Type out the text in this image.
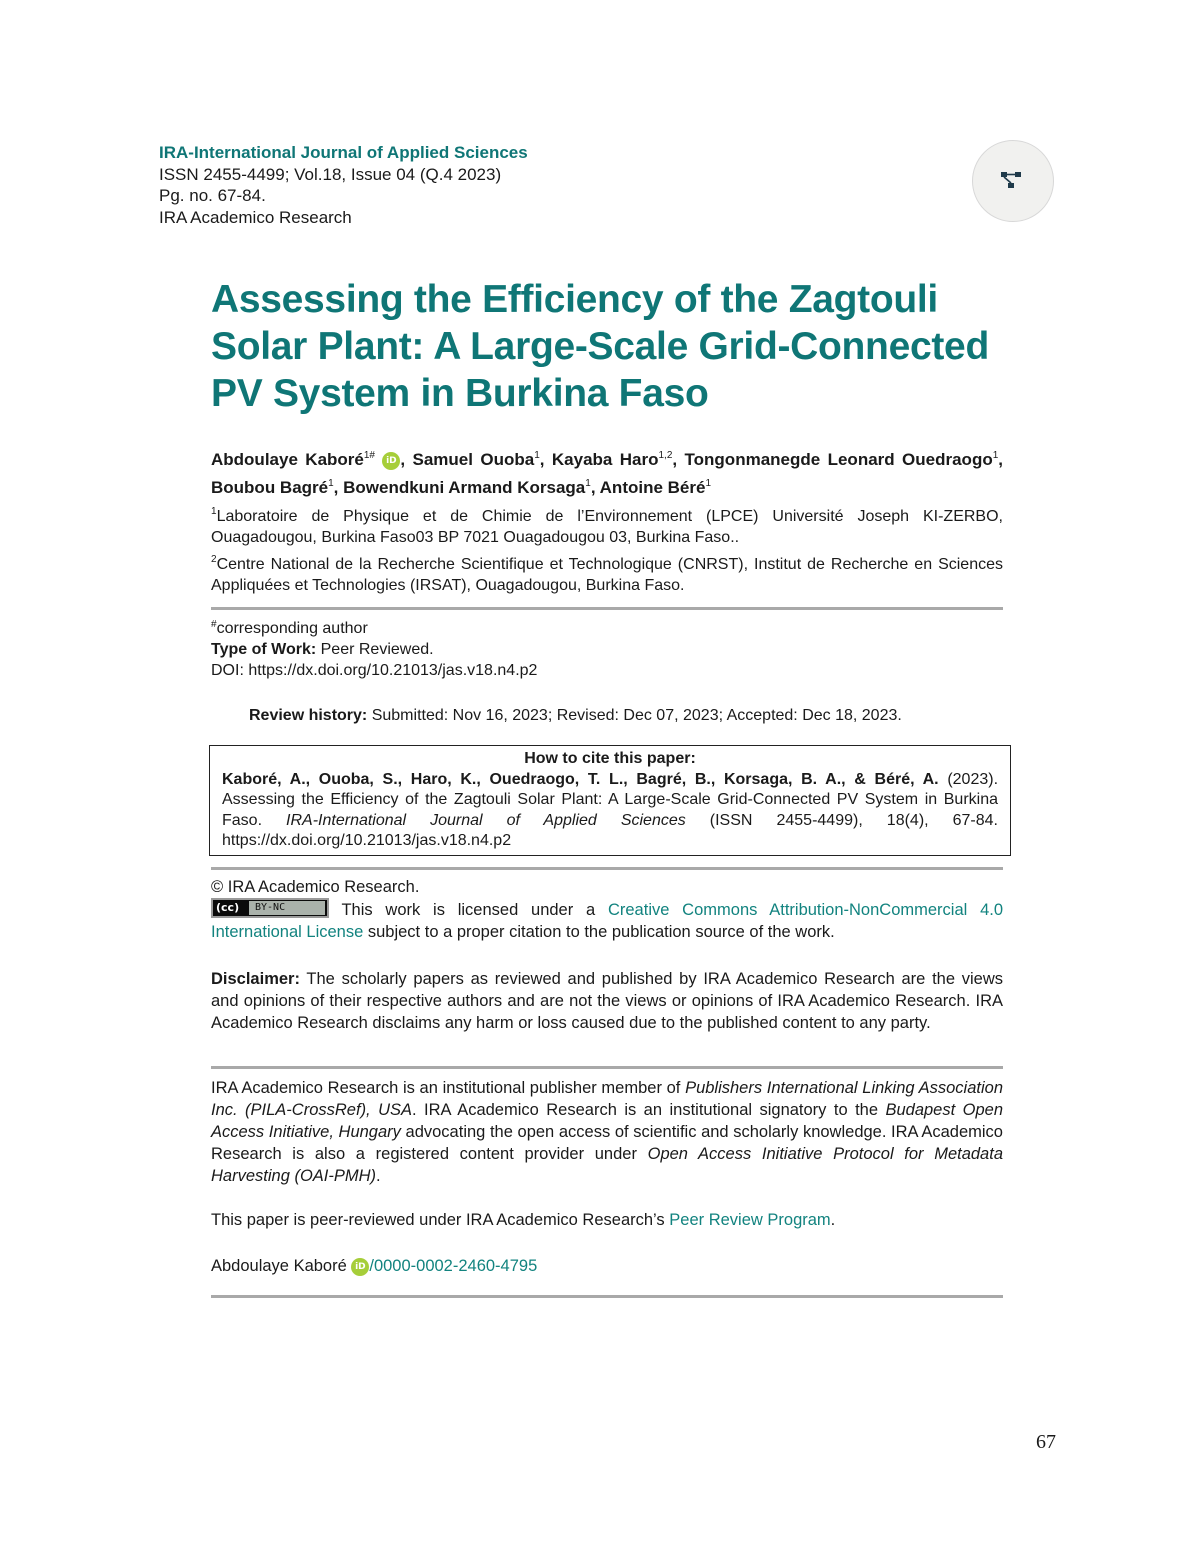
IRA-International Journal of Applied Sciences
ISSN 2455-4499; Vol.18, Issue 04 (Q.4 2023)
Pg. no. 67-84.
IRA Academico Research
Assessing the Efficiency of the Zagtouli Solar Plant: A Large-Scale Grid-Connected PV System in Burkina Faso
Abdoulaye Kaboré$^{1\#}$ iD , Samuel Ouoba$^1$, Kayaba Haro$^{1,2}$, Tongonmanegde Leonard Ouedraogo$^1$, Boubou Bagré$^1$, Bowendkuni Armand Korsaga$^1$, Antoine Béré$^1$
$^1$Laboratoire de Physique et de Chimie de l’Environnement (LPCE) Université Joseph KI-ZERBO, Ouagadougou, Burkina Faso03 BP 7021 Ouagadougou 03, Burkina Faso..
$^2$Centre National de la Recherche Scientifique et Technologique (CNRST), Institut de Recherche en Sciences Appliquées et Technologies (IRSAT), Ouagadougou, Burkina Faso.
#corresponding author
Type of Work: Peer Reviewed.
DOI: https://dx.doi.org/10.21013/jas.v18.n4.p2
Review history: Submitted: Nov 16, 2023; Revised: Dec 07, 2023; Accepted: Dec 18, 2023.
How to cite this paper:
Kaboré, A., Ouoba, S., Haro, K., Ouedraogo, T. L., Bagré, B., Korsaga, B. A., & Béré, A. (2023). Assessing the Efficiency of the Zagtouli Solar Plant: A Large-Scale Grid-Connected PV System in Burkina Faso. IRA-International Journal of Applied Sciences (ISSN 2455-4499), 18(4), 67-84. https://dx.doi.org/10.21013/jas.v18.n4.p2
© IRA Academico Research.
(cc)	BY-NC	This work is licensed under a Creative Commons Attribution-NonCommercial 4.0 International License subject to a proper citation to the publication source of the work.
Disclaimer: The scholarly papers as reviewed and published by IRA Academico Research are the views and opinions of their respective authors and are not the views or opinions of IRA Academico Research. IRA Academico Research disclaims any harm or loss caused due to the published content to any party.
IRA Academico Research is an institutional publisher member of Publishers International Linking Association Inc. (PILA-CrossRef), USA. IRA Academico Research is an institutional signatory to the Budapest Open Access Initiative, Hungary advocating the open access of scientific and scholarly knowledge. IRA Academico Research is also a registered content provider under Open Access Initiative Protocol for Metadata Harvesting (OAI-PMH).
This paper is peer-reviewed under IRA Academico Research’s Peer Review Program.
Abdoulaye Kaboré iD /0000-0002-2460-4795
67
